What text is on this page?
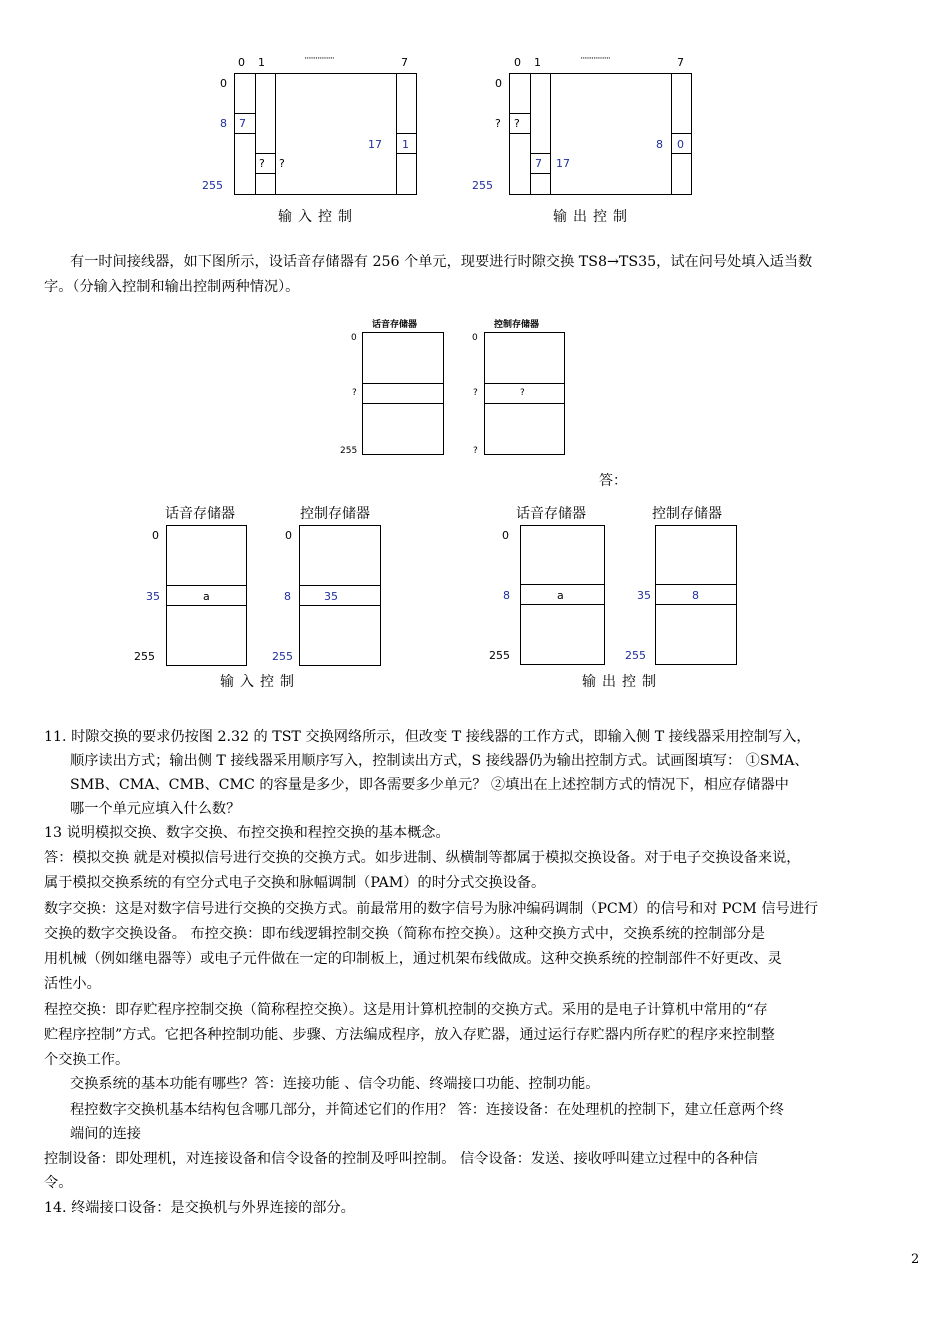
0 1	················	7
0
8
255
7
? ?
17 1
输入控制
0 1	················	7
0
?
255
?
7 17
8 0
输出控制
有一时间接线器，如下图所示，设话音存储器有 256 个单元，现要进行时隙交换 TS8→TS35，试在问号处填入适当数
字。（分输入控制和输出控制两种情况）。
话音存储器	控制存储器
0
?
255
0
?
?
?
答：
话音存储器	控制存储器
0
35
255
a
0
8
255
35
输入控制
话音存储器	控制存储器
0
8
255
a	35
255
8
输出控制
11. 时隙交换的要求仍按图 2.32 的 TST 交换网络所示，但改变 T 接线器的工作方式，即输入侧 T 接线器采用控制写入，
顺序读出方式；输出侧 T 接线器采用顺序写入，控制读出方式，S 接线器仍为输出控制方式。试画图填写： ①SMA、
SMB、CMA、CMB、CMC 的容量是多少，即各需要多少单元？ ②填出在上述控制方式的情况下，相应存储器中
哪一个单元应填入什么数？
13 说明模拟交换、数字交换、布控交换和程控交换的基本概念。
答：模拟交换 就是对模拟信号进行交换的交换方式。如步进制、纵横制等都属于模拟交换设备。对于电子交换设备来说，
属于模拟交换系统的有空分式电子交换和脉幅调制（PAM）的时分式交换设备。
数字交换：这是对数字信号进行交换的交换方式。前最常用的数字信号为脉冲编码调制（PCM）的信号和对 PCM 信号进行
交换的数字交换设备。 布控交换：即布线逻辑控制交换（简称布控交换）。这种交换方式中，交换系统的控制部分是
用机械（例如继电器等）或电子元件做在一定的印制板上，通过机架布线做成。这种交换系统的控制部件不好更改、灵
活性小。
程控交换：即存贮程序控制交换（简称程控交换）。这是用计算机控制的交换方式。采用的是电子计算机中常用的“存
贮程序控制”方式。它把各种控制功能、步骤、方法编成程序，放入存贮器，通过运行存贮器内所存贮的程序来控制整
个交换工作。
交换系统的基本功能有哪些？答：连接功能 、信令功能、终端接口功能、控制功能。
程控数字交换机基本结构包含哪几部分，并简述它们的作用？ 答：连接设备：在处理机的控制下，建立任意两个终
端间的连接
控制设备：即处理机，对连接设备和信令设备的控制及呼叫控制。 信令设备：发送、接收呼叫建立过程中的各种信
令。
14. 终端接口设备：是交换机与外界连接的部分。
2
